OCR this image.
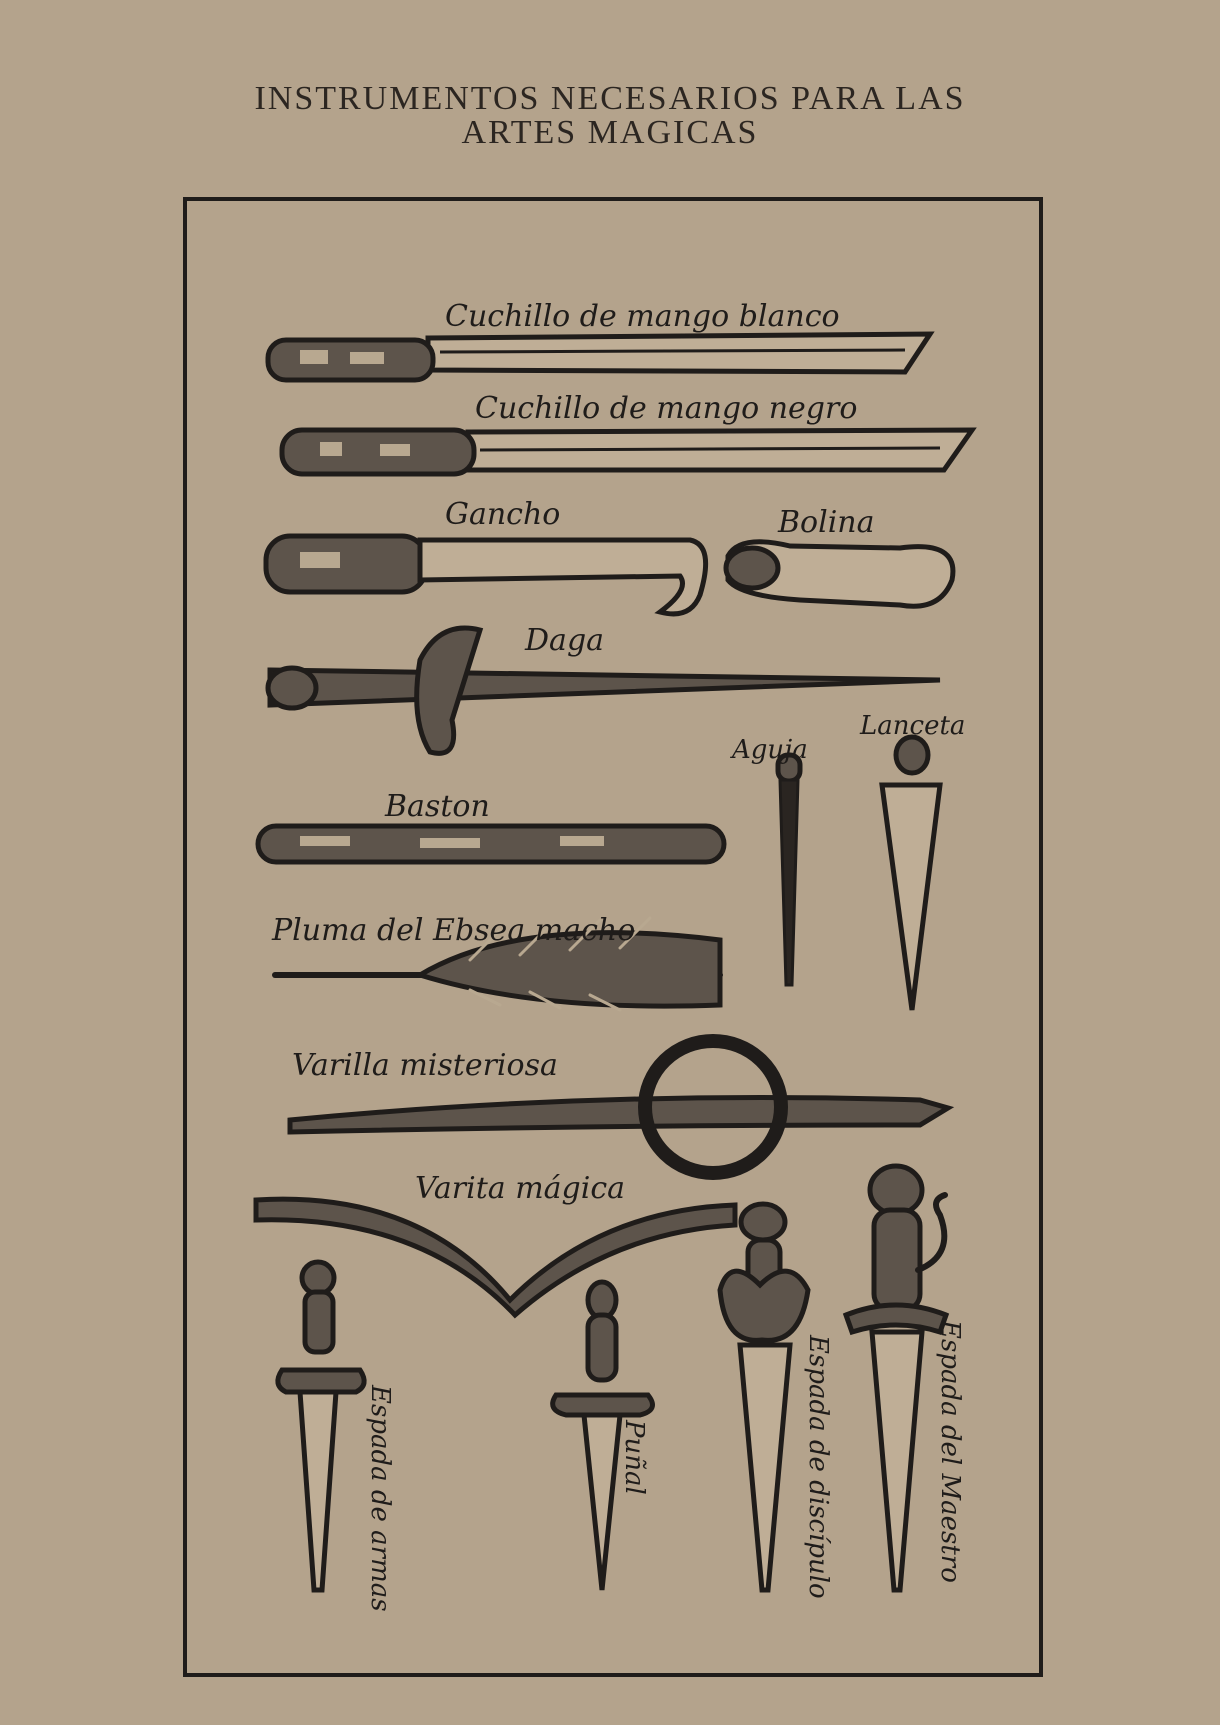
INSTRUMENTOS NECESARIOS PARA LAS
ARTES MAGICAS
Cuchillo de mango blanco
Cuchillo de mango negro
Gancho	Bolina
Daga
Aguja
Lanceta
Baston
Pluma del Ebsea macho
Varilla misteriosa
Varita mágica
Espada de armas	Puñal	Espada de discípulo	Espada del Maestro
